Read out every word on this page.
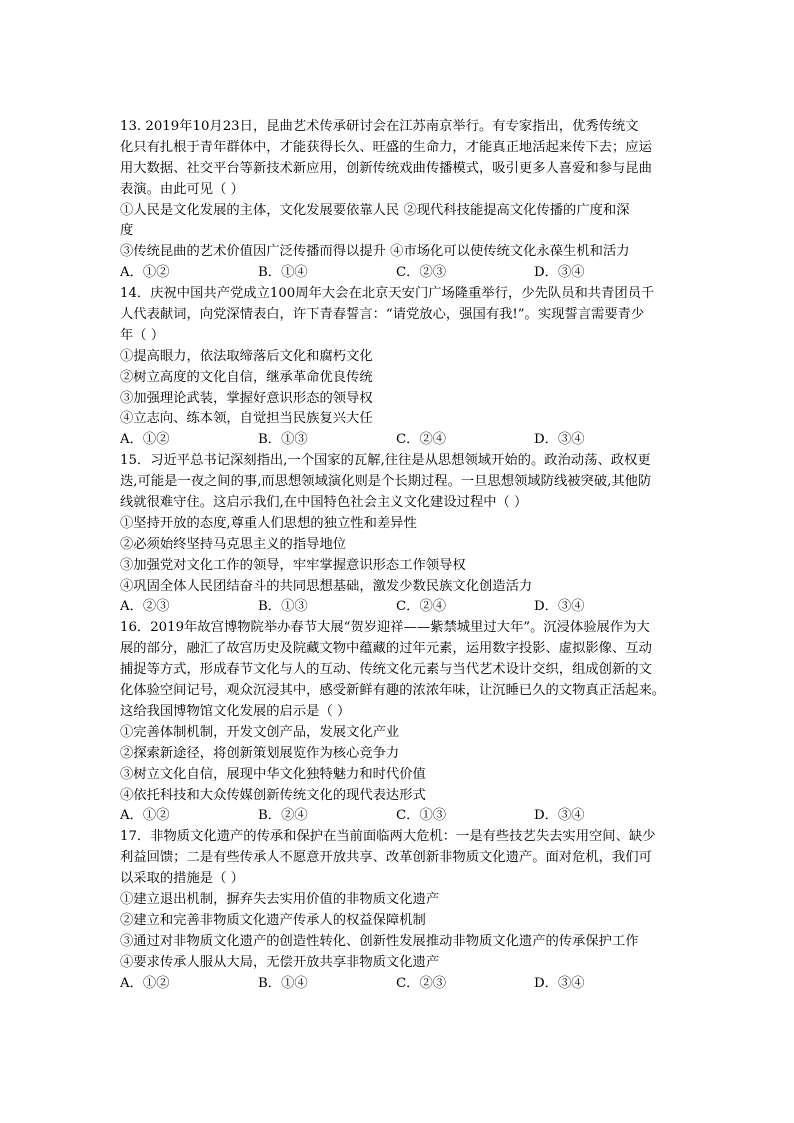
13. 2019年10月23日，昆曲艺术传承研讨会在江苏南京举行。有专家指出，优秀传统文
化只有扎根于青年群体中，才能获得长久、旺盛的生命力，才能真正地活起来传下去；应运
用大数据、社交平台等新技术新应用，创新传统戏曲传播模式，吸引更多人喜爱和参与昆曲
表演。由此可见（ ）
①人民是文化发展的主体，文化发展要依靠人民 ②现代科技能提高文化传播的广度和深
度
③传统昆曲的艺术价值因广泛传播而得以提升 ④市场化可以使传统文化永葆生机和活力
A．①②	B．①④	C．②③	D．③④
14．庆祝中国共产党成立100周年大会在北京天安门广场隆重举行，少先队员和共青团员千
人代表献词，向党深情表白，许下青春誓言：“请党放心，强国有我!”。实现誓言需要青少
年（ ）
①提高眼力，依法取缔落后文化和腐朽文化
②树立高度的文化自信，继承革命优良传统
③加强理论武装，掌握好意识形态的领导权
④立志向、练本领，自觉担当民族复兴大任
A．①②	B．①③	C．②④	D．③④
15．习近平总书记深刻指出,一个国家的瓦解,往往是从思想领域开始的。政治动荡、政权更
迭,可能是一夜之间的事,而思想领域演化则是个长期过程。一旦思想领域防线被突破,其他防
线就很难守住。这启示我们,在中国特色社会主义文化建设过程中（ ）
①坚持开放的态度,尊重人们思想的独立性和差异性
②必须始终坚持马克思主义的指导地位
③加强党对文化工作的领导，牢牢掌握意识形态工作领导权
④巩固全体人民团结奋斗的共同思想基础，激发少数民族文化创造活力
A．②③	B．①③	C．②④	D．③④
16．2019年故宫博物院举办春节大展“贺岁迎祥——紫禁城里过大年”。沉浸体验展作为大
展的部分，融汇了故宫历史及院藏文物中蕴藏的过年元素，运用数字投影、虚拟影像、互动
捕捉等方式，形成春节文化与人的互动、传统文化元素与当代艺术设计交织，组成创新的文
化体验空间记号，观众沉浸其中，感受新鲜有趣的浓浓年味，让沉睡已久的文物真正活起来。
这给我国博物馆文化发展的启示是（ ）
①完善体制机制，开发文创产品，发展文化产业
②探索新途径，将创新策划展览作为核心竞争力
③树立文化自信，展现中华文化独特魅力和时代价值
④依托科技和大众传媒创新传统文化的现代表达形式
A．①②	B．②④	C．①③	D．③④
17．非物质文化遗产的传承和保护在当前面临两大危机：一是有些技艺失去实用空间、缺少
利益回馈；二是有些传承人不愿意开放共享、改革创新非物质文化遗产。面对危机，我们可
以采取的措施是（ ）
①建立退出机制，摒弃失去实用价值的非物质文化遗产
②建立和完善非物质文化遗产传承人的权益保障机制
③通过对非物质文化遗产的创造性转化、创新性发展推动非物质文化遗产的传承保护工作
④要求传承人服从大局，无偿开放共享非物质文化遗产
A．①②	B．①④	C．②③	D．③④
